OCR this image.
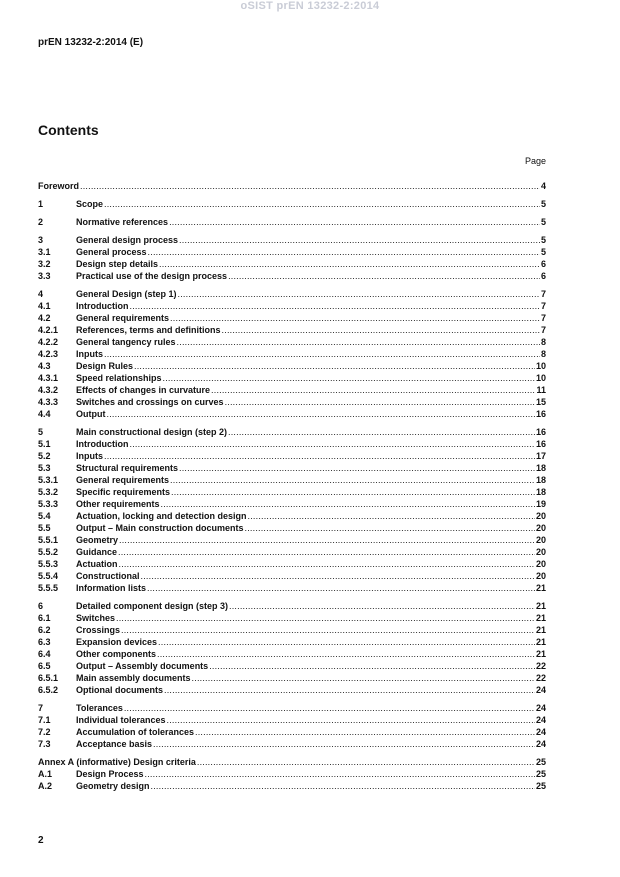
oSIST prEN 13232-2:2014
prEN 13232-2:2014 (E)
Contents
Page
Foreword .....	4
1	Scope .....	5
2	Normative references .....	5
3	General design process .....	5
3.1	General process .....	5
3.2	Design step details .....	6
3.3	Practical use of the design process .....	6
4	General Design (step 1) .....	7
4.1	Introduction .....	7
4.2	General requirements .....	7
4.2.1	References, terms and definitions .....	7
4.2.2	General tangency rules .....	8
4.2.3	Inputs .....	8
4.3	Design Rules .....	10
4.3.1	Speed relationships .....	10
4.3.2	Effects of changes in curvature .....	11
4.3.3	Switches and crossings on curves .....	15
4.4	Output .....	16
5	Main constructional design (step 2) .....	16
5.1	Introduction .....	16
5.2	Inputs .....	17
5.3	Structural requirements .....	18
5.3.1	General requirements .....	18
5.3.2	Specific requirements .....	18
5.3.3	Other requirements .....	19
5.4	Actuation, locking and detection design .....	20
5.5	Output – Main construction documents .....	20
5.5.1	Geometry .....	20
5.5.2	Guidance .....	20
5.5.3	Actuation .....	20
5.5.4	Constructional .....	20
5.5.5	Information lists .....	21
6	Detailed component design (step 3) .....	21
6.1	Switches .....	21
6.2	Crossings .....	21
6.3	Expansion devices .....	21
6.4	Other components .....	21
6.5	Output – Assembly documents .....	22
6.5.1	Main assembly documents .....	22
6.5.2	Optional documents .....	24
7	Tolerances .....	24
7.1	Individual tolerances .....	24
7.2	Accumulation of tolerances .....	24
7.3	Acceptance basis .....	24
Annex A (informative) Design criteria .....	25
A.1	Design Process .....	25
A.2	Geometry design .....	25
2
